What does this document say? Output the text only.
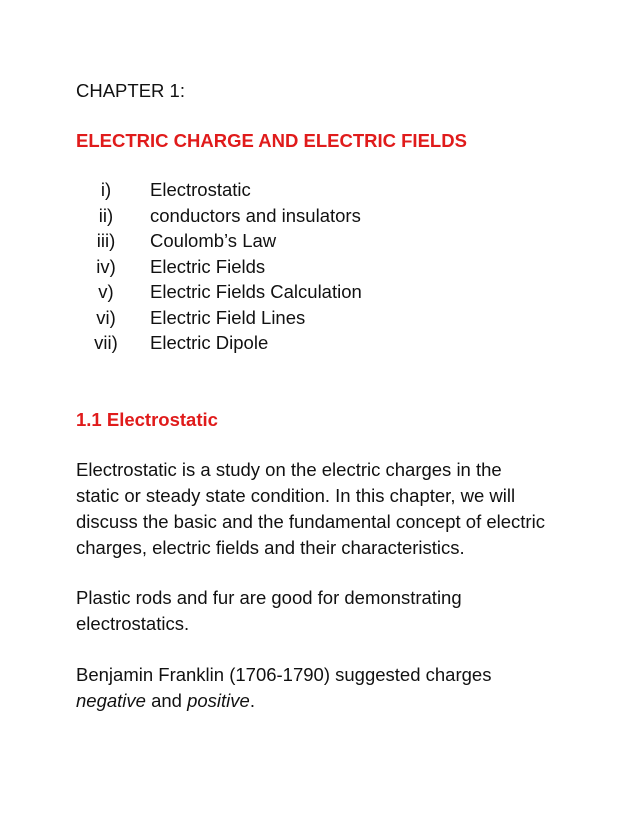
CHAPTER 1:
ELECTRIC CHARGE AND ELECTRIC FIELDS
i)	Electrostatic
ii)	conductors and insulators
iii)	Coulomb’s Law
iv)	Electric Fields
v)	Electric Fields Calculation
vi)	Electric Field Lines
vii)	Electric Dipole
1.1 Electrostatic

Electrostatic is a study on the electric charges in the
static or steady state condition. In this chapter, we will
discuss the basic and the fundamental concept of electric
charges, electric fields and their characteristics.

Plastic rods and fur are good for demonstrating
electrostatics.

Benjamin Franklin (1706-1790) suggested charges
negative and positive.
